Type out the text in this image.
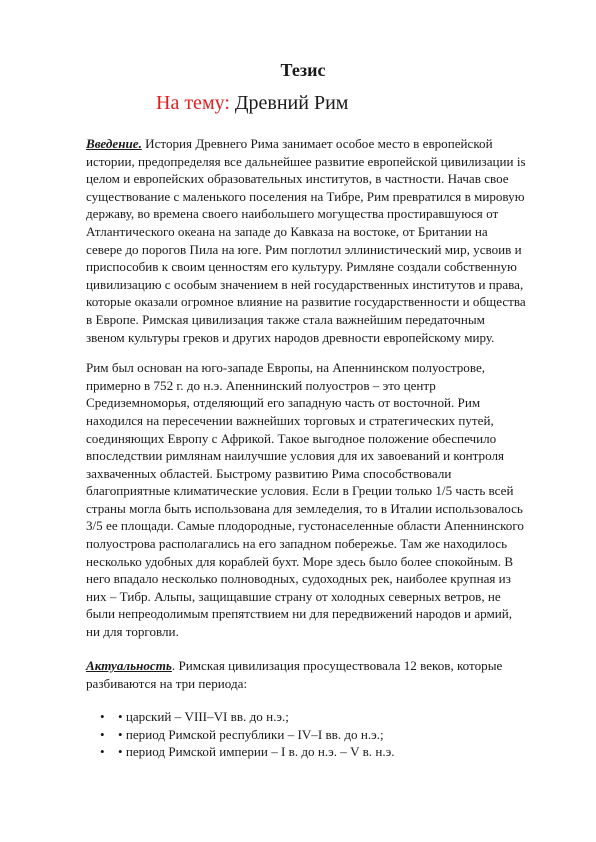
Тезис
На тему: Древний Рим

Введение. История Древнего Рима занимает особое место в европейской истории, предопределяя все дальнейшее развитие европейской цивилизации is целом и европейских образовательных институтов, в частности. Начав свое существование с маленького поселения на Тибре, Рим превратился в мировую державу, во времена своего наибольшего могущества простиравшуюся от Атлантического океана на западе до Кавказа на востоке, от Британии на севере до порогов Пила на юге. Рим поглотил эллинистический мир, усвоив и приспособив к своим ценностям его культуру. Римляне создали собственную цивилизацию с особым значением в ней государственных институтов и права, которые оказали огромное влияние на развитие государственности и общества в Европе. Римская цивилизация также стала важнейшим передаточным звеном культуры греков и других народов древности европейскому миру.

Рим был основан на юго-западе Европы, на Апеннинском полуострове, примерно в 752 г. до н.э. Апеннинский полуостров – это центр Средиземноморья, отделяющий его западную часть от восточной. Рим находился на пересечении важнейших торговых и стратегических путей, соединяющих Европу с Африкой. Такое выгодное положение обеспечило впоследствии римлянам наилучшие условия для их завоеваний и контроля захваченных областей. Быстрому развитию Рима способствовали благоприятные климатические условия. Если в Греции только 1/5 часть всей страны могла быть использована для земледелия, то в Италии использовалось 3/5 ее площади. Самые плодородные, густонаселенные области Апеннинского полуострова располагались на его западном побережье. Там же находилось несколько удобных для кораблей бухт. Море здесь было более спокойным. В него впадало несколько полноводных, судоходных рек, наиболее крупная из них – Тибр. Альпы, защищавшие страну от холодных северных ветров, не были непреодолимым препятствием ни для передвижений народов и армий, ни для торговли.

Актуальность. Римская цивилизация просуществовала 12 веков, которые разбиваются на три периода:
• • царский – VIII–VI вв. до н.э.;
• • период Римской республики – IV–I вв. до н.э.;
• • период Римской империи – I в. до н.э. – V в. н.э.
